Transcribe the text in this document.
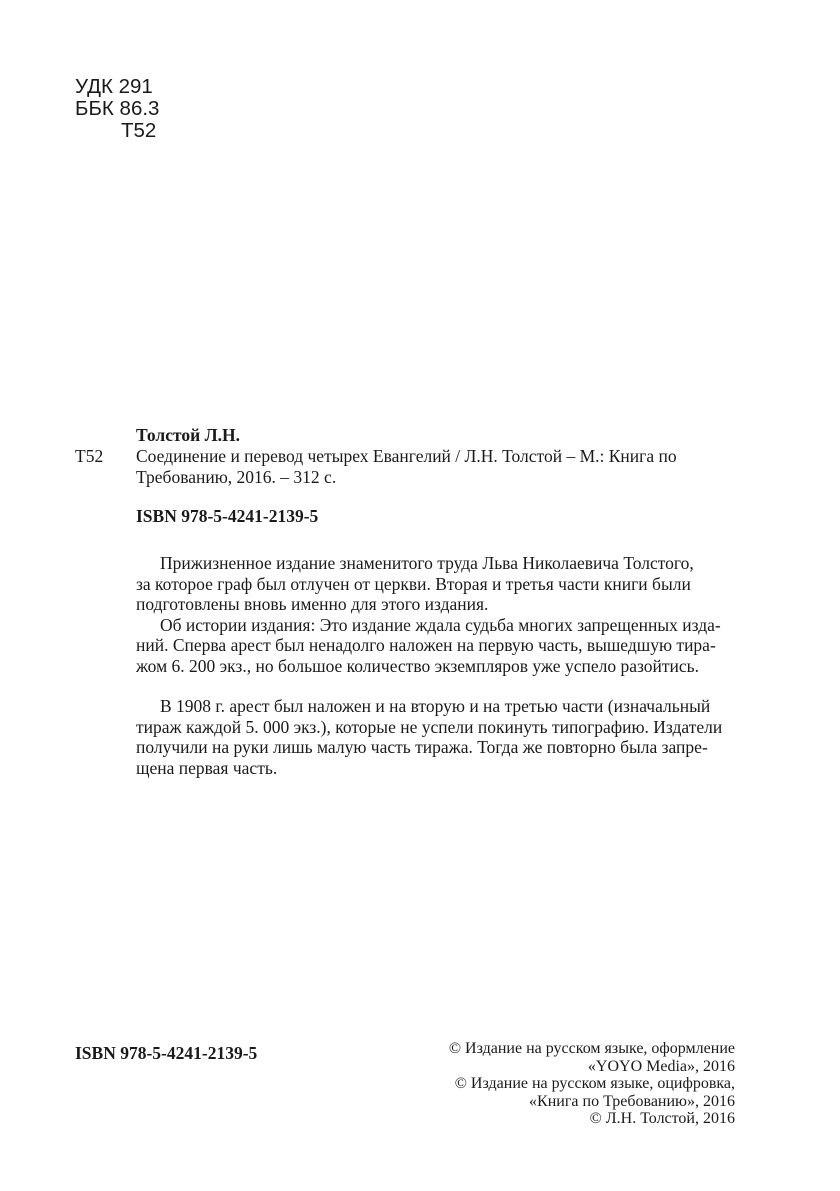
УДК 291
ББК 86.3
Т52
Т52
Толстой Л.Н.
Соединение и перевод четырех Евангелий / Л.Н. Толстой – М.: Книга по
Требованию, 2016. – 312 с.
ISBN 978-5-4241-2139-5

Прижизненное издание знаменитого труда Льва Николаевича Толстого,

за которое граф был отлучен от церкви. Вторая и третья части книги были

подготовлены вновь именно для этого издания.

Об истории издания: Это издание ждала судьба многих запрещенных изда-

ний. Сперва арест был ненадолго наложен на первую часть, вышедшую тира-

жом 6. 200 экз., но большое количество экземпляров уже успело разойтись.

В 1908 г. арест был наложен и на вторую и на третью части (изначальный

тираж каждой 5. 000 экз.), которые не успели покинуть типографию. Издатели

получили на руки лишь малую часть тиража. Тогда же повторно была запре-

щена первая часть.

ISBN 978-5-4241-2139-5	© Издание на русском языке, оформление
«YOYO Media», 2016
© Издание на русском языке, оцифровка,
«Книга по Требованию», 2016
© Л.Н. Толстой, 2016
